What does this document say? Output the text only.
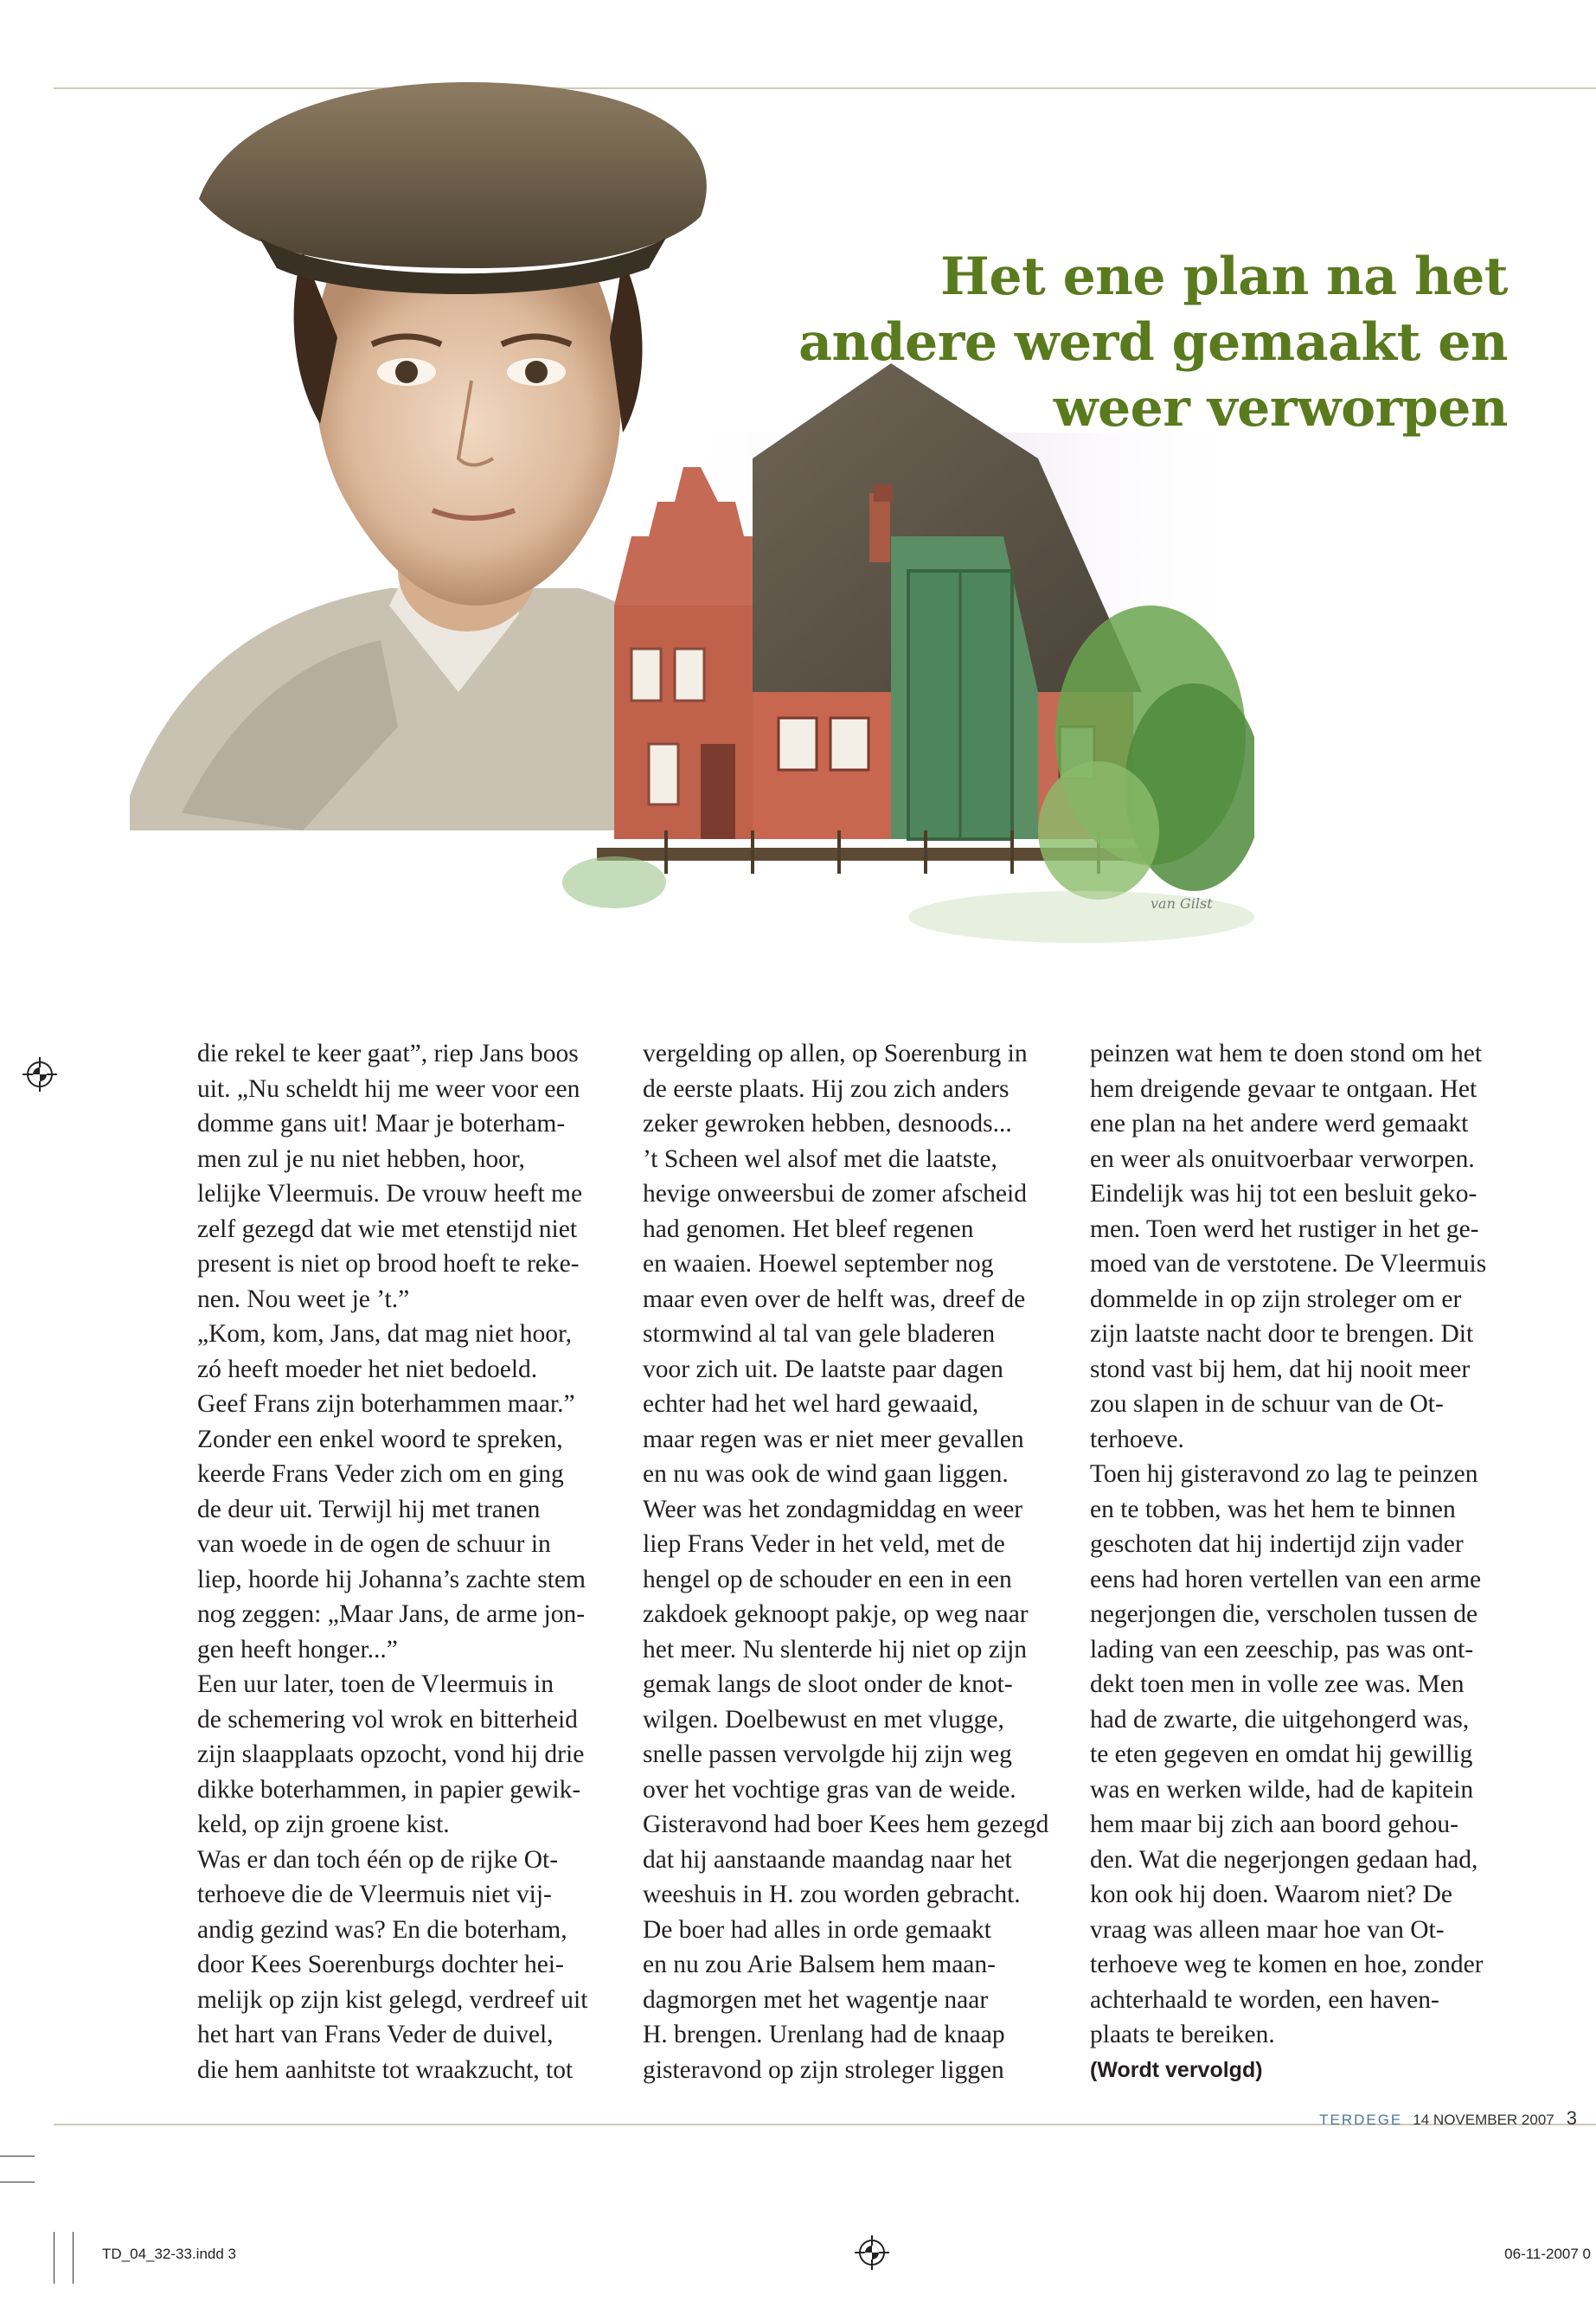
van Gilst
Het ene plan na het
andere werd gemaakt en
weer verworpen
die rekel te keer gaat”, riep Jans boos
uit. „Nu scheldt hij me weer voor een
domme gans uit! Maar je boterham-
men zul je nu niet hebben, hoor,
lelijke Vleermuis. De vrouw heeft me
zelf gezegd dat wie met etenstijd niet
present is niet op brood hoeft te reke-
nen. Nou weet je ’t.”
„Kom, kom, Jans, dat mag niet hoor,
zó heeft moeder het niet bedoeld.
Geef Frans zijn boterhammen maar.”
Zonder een enkel woord te spreken,
keerde Frans Veder zich om en ging
de deur uit. Terwijl hij met tranen
van woede in de ogen de schuur in
liep, hoorde hij Johanna’s zachte stem
nog zeggen: „Maar Jans, de arme jon-
gen heeft honger...”
Een uur later, toen de Vleermuis in
de schemering vol wrok en bitterheid
zijn slaapplaats opzocht, vond hij drie
dikke boterhammen, in papier gewik-
keld, op zijn groene kist.
Was er dan toch één op de rijke Ot-
terhoeve die de Vleermuis niet vij-
andig gezind was? En die boterham,
door Kees Soerenburgs dochter hei-
melijk op zijn kist gelegd, verdreef uit
het hart van Frans Veder de duivel,
die hem aanhitste tot wraakzucht, tot
vergelding op allen, op Soerenburg in
de eerste plaats. Hij zou zich anders
zeker gewroken hebben, desnoods...
’t Scheen wel alsof met die laatste,
hevige onweersbui de zomer afscheid
had genomen. Het bleef regenen
en waaien. Hoewel september nog
maar even over de helft was, dreef de
stormwind al tal van gele bladeren
voor zich uit. De laatste paar dagen
echter had het wel hard gewaaid,
maar regen was er niet meer gevallen
en nu was ook de wind gaan liggen.
Weer was het zondagmiddag en weer
liep Frans Veder in het veld, met de
hengel op de schouder en een in een
zakdoek geknoopt pakje, op weg naar
het meer. Nu slenterde hij niet op zijn
gemak langs de sloot onder de knot-
wilgen. Doelbewust en met vlugge,
snelle passen vervolgde hij zijn weg
over het vochtige gras van de weide.
Gisteravond had boer Kees hem gezegd
dat hij aanstaande maandag naar het
weeshuis in H. zou worden gebracht.
De boer had alles in orde gemaakt
en nu zou Arie Balsem hem maan-
dagmorgen met het wagentje naar
H. brengen. Urenlang had de knaap
gisteravond op zijn stroleger liggen
peinzen wat hem te doen stond om het
hem dreigende gevaar te ontgaan. Het
ene plan na het andere werd gemaakt
en weer als onuitvoerbaar verworpen.
Eindelijk was hij tot een besluit geko-
men. Toen werd het rustiger in het ge-
moed van de verstotene. De Vleermuis
dommelde in op zijn stroleger om er
zijn laatste nacht door te brengen. Dit
stond vast bij hem, dat hij nooit meer
zou slapen in de schuur van de Ot-
terhoeve.
Toen hij gisteravond zo lag te peinzen
en te tobben, was het hem te binnen
geschoten dat hij indertijd zijn vader
eens had horen vertellen van een arme
negerjongen die, verscholen tussen de
lading van een zeeschip, pas was ont-
dekt toen men in volle zee was. Men
had de zwarte, die uitgehongerd was,
te eten gegeven en omdat hij gewillig
was en werken wilde, had de kapitein
hem maar bij zich aan boord gehou-
den. Wat die negerjongen gedaan had,
kon ook hij doen. Waarom niet? De
vraag was alleen maar hoe van Ot-
terhoeve weg te komen en hoe, zonder
achterhaald te worden, een haven-
plaats te bereiken.
(Wordt vervolgd)
TERDEGE 14 NOVEMBER 2007 3
TD_04_32-33.indd 3	06-11-2007 0
